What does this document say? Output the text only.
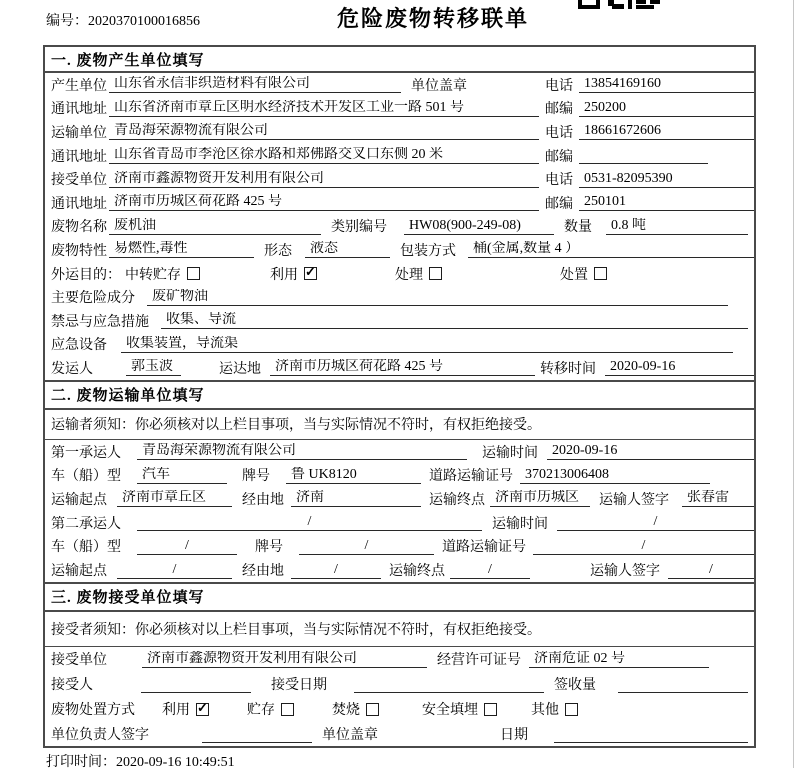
编号：2020370100016856	危险废物转移联单
一. 废物产生单位填写
产生单位 山东省永信非织造材料有限公司	单位盖章	电话 13854169160
通讯地址 山东省济南市章丘区明水经济技术开发区工业一路 501 号	邮编 250200
运输单位 青岛海荣源物流有限公司	电话 18661672606
通讯地址 山东省青岛市李沧区徐水路和郑佛路交叉口东侧 20 米	邮编
接受单位 济南市鑫源物资开发利用有限公司	电话 0531-82095390
通讯地址 济南市历城区荷花路 425 号	邮编 250101
废物名称 废机油	类别编号	HW08(900-249-08)	数量	0.8 吨
废物特性 易燃性,毒性	形态	液态	包装方式	桶(金属,数量 4 ）
外运目的： 中转贮存	利用 ✓	处理	处置
主要危险成分	废矿物油
禁忌与应急措施	收集、导流
应急设备	收集装置，导流渠
发运人	郭玉波	运达地	济南市历城区荷花路 425 号	转移时间	2020-09-16
二. 废物运输单位填写
运输者须知：你必须核对以上栏目事项，当与实际情况不符时，有权拒绝接受。
第一承运人	青岛海荣源物流有限公司	运输时间	2020-09-16
车（船）型	汽车	牌号	鲁 UK8120	道路运输证号 370213006408
运输起点	济南市章丘区	经由地 济南	运输终点 济南市历城区	运输人签字	张春雷
第二承运人	/	运输时间	/
车（船）型	/	牌号	/	道路运输证号	/
运输起点	/	经由地	/	运输终点	/	运输人签字	/
三. 废物接受单位填写
接受者须知：你必须核对以上栏目事项，当与实际情况不符时，有权拒绝接受。
接受单位	济南市鑫源物资开发利用有限公司	经营许可证号 济南危证 02 号
接受人	接受日期	签收量
废物处置方式 利用 ✓	贮存	焚烧	安全填埋	其他
单位负责人签字	单位盖章	日期
打印时间：2020-09-16 10:49:51
